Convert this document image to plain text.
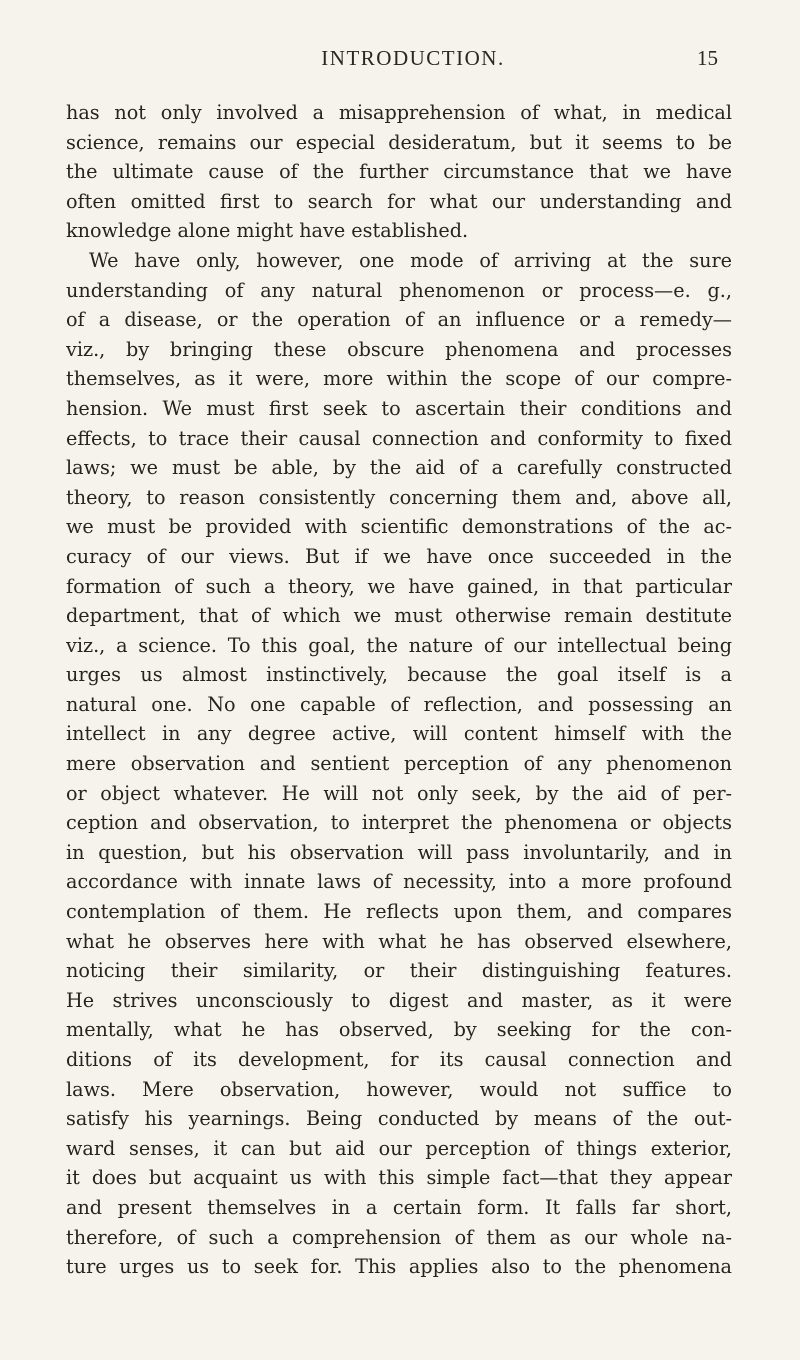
INTRODUCTION.	15
has not only involved a misapprehension of what, in medical
science, remains our especial desideratum, but it seems to be
the ultimate cause of the further circumstance that we have
often omitted first to search for what our understanding and
knowledge alone might have established.
We have only, however, one mode of arriving at the sure
understanding of any natural phenomenon or process—e. g.,
of a disease, or the operation of an influence or a remedy—
viz., by bringing these obscure phenomena and processes
themselves, as it were, more within the scope of our compre-
hension. We must first seek to ascertain their conditions and
effects, to trace their causal connection and conformity to fixed
laws; we must be able, by the aid of a carefully constructed
theory, to reason consistently concerning them and, above all,
we must be provided with scientific demonstrations of the ac-
curacy of our views. But if we have once succeeded in the
formation of such a theory, we have gained, in that particular
department, that of which we must otherwise remain destitute
viz., a science. To this goal, the nature of our intellectual being
urges us almost instinctively, because the goal itself is a
natural one. No one capable of reflection, and possessing an
intellect in any degree active, will content himself with the
mere observation and sentient perception of any phenomenon
or object whatever. He will not only seek, by the aid of per-
ception and observation, to interpret the phenomena or objects
in question, but his observation will pass involuntarily, and in
accordance with innate laws of necessity, into a more profound
contemplation of them. He reflects upon them, and compares
what he observes here with what he has observed elsewhere,
noticing their similarity, or their distinguishing features.
He strives unconsciously to digest and master, as it were
mentally, what he has observed, by seeking for the con-
ditions of its development, for its causal connection and
laws. Mere observation, however, would not suffice to
satisfy his yearnings. Being conducted by means of the out-
ward senses, it can but aid our perception of things exterior,
it does but acquaint us with this simple fact—that they appear
and present themselves in a certain form. It falls far short,
therefore, of such a comprehension of them as our whole na-
ture urges us to seek for. This applies also to the phenomena
